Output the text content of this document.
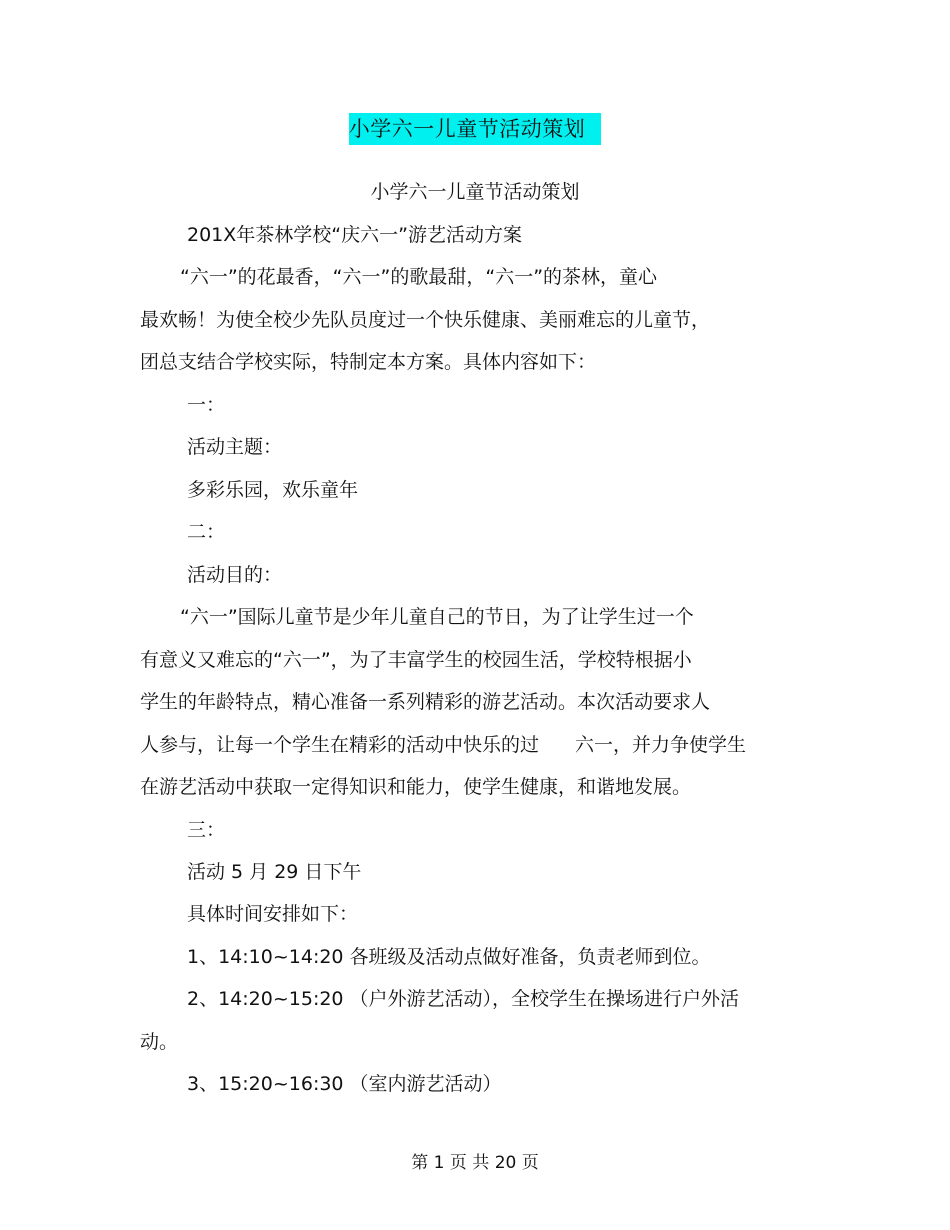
小学六一儿童节活动策划
小学六一儿童节活动策划
201X年茶林学校“庆六一”游艺活动方案
“六一”的花最香，“六一”的歌最甜，“六一”的茶林，童心
最欢畅！为使全校少先队员度过一个快乐健康、美丽难忘的儿童节，
团总支结合学校实际，特制定本方案。具体内容如下：
一：
活动主题：
多彩乐园，欢乐童年
二：
活动目的：
“六一”国际儿童节是少年儿童自己的节日，为了让学生过一个
有意义又难忘的“六一”，为了丰富学生的校园生活，学校特根据小
学生的年龄特点，精心准备一系列精彩的游艺活动。本次活动要求人
人参与，让每一个学生在精彩的活动中快乐的过 六一，并力争使学生
在游艺活动中获取一定得知识和能力，使学生健康，和谐地发展。
三：
活动 5 月 29 日下午
具体时间安排如下：
1、14:10~14:20 各班级及活动点做好准备，负责老师到位。
2、14:20~15:20 （户外游艺活动），全校学生在操场进行户外活
动。
3、15:20~16:30 （室内游艺活动）
第 1 页 共 20 页
